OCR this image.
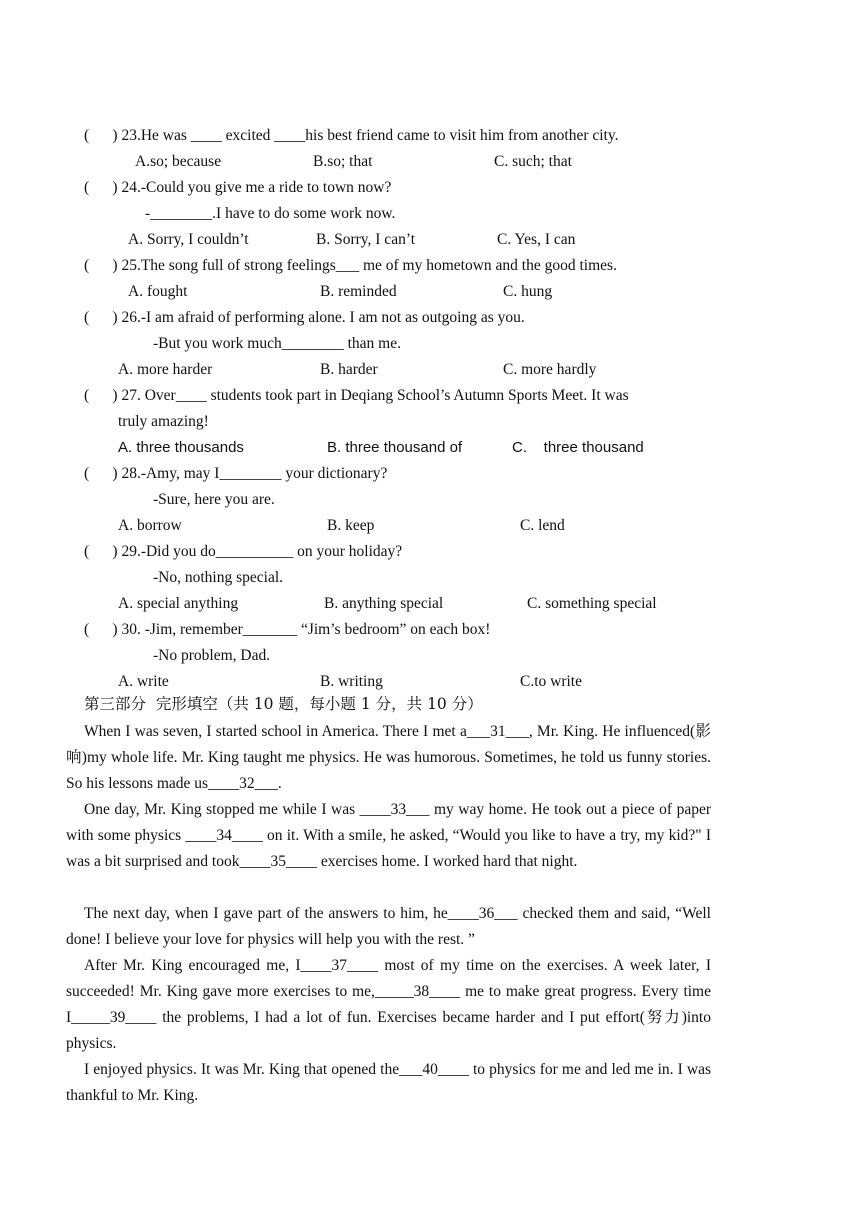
(      ) 23.He was ____ excited ____his best friend came to visit him from another city.
A.so; because	B.so; that	C. such; that
(      ) 24.-Could you give me a ride to town now?
-________.I have to do some work now.
A. Sorry, I couldn’t	B. Sorry, I can’t	C. Yes, I can
(      ) 25.The song full of strong feelings___ me of my hometown and the good times.
A. fought	B. reminded	C. hung
(      ) 26.-I am afraid of performing alone. I am not as outgoing as you.
-But you work much________ than me.
A. more harder	B. harder	C. more hardly
(      ) 27. Over____ students took part in Deqiang School’s Autumn Sports Meet. It was
truly amazing!
A. three thousands	B. three thousand of	C.    three thousand
(      ) 28.-Amy, may I________ your dictionary?
-Sure, here you are.
A. borrow	B. keep	C. lend
(      ) 29.-Did you do__________ on your holiday?
-No, nothing special.
A. special anything	B. anything special	C. something special
(      ) 30. -Jim, remember_______ “Jim’s bedroom” on each box!
-No problem, Dad.
A. write	B. writing	C.to write
第三部分  完形填空（共 10 题，每小题 1 分，共 10 分）
When I was seven, I started school in America. There I met a___31___, Mr. King. He influenced(影响)my whole life. Mr. King taught me physics. He was humorous. Sometimes, he told us funny stories. So his lessons made us____32___.
One day, Mr. King stopped me while I was ____33___ my way home. He took out a piece of paper with some physics ____34____ on it. With a smile, he asked, “Would you like to have a try, my kid?" I was a bit surprised and took____35____ exercises home. I worked hard that night.
The next day, when I gave part of the answers to him, he____36___ checked them and said, “Well done! I believe your love for physics will help you with the rest. ”
After Mr. King encouraged me, I____37____ most of my time on the exercises. A week later, I succeeded! Mr. King gave more exercises to me,_____38____ me to make great progress. Every time I_____39____ the problems, I had a lot of fun. Exercises became harder and I put effort(努力)into physics.
I enjoyed physics. It was Mr. King that opened the___40____ to physics for me and led me in. I was thankful to Mr. King.
